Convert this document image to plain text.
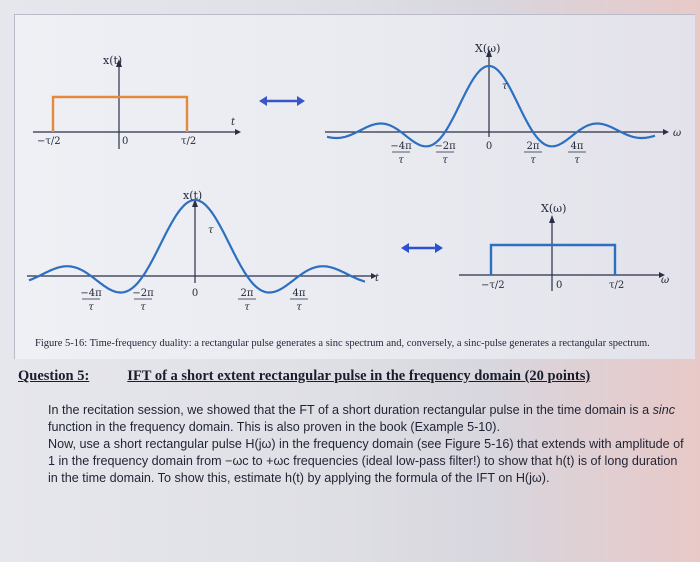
x(t)
−τ/2	0	τ/2
t
X(ω)
τ
ω
−4π
τ
−2π
τ
0	2π
τ
4π
τ
x(t)
τ
t
−4π
τ
−2π
τ
0	2π
τ
4π
τ
X(ω)
−τ/2	0	τ/2	ω
Figure 5-16: Time-frequency duality: a rectangular pulse generates a sinc spectrum and, conversely, a sinc-pulse generates a rectangular spectrum.
Question 5:	IFT of a short extent rectangular pulse in the frequency domain (20 points)

In the recitation session, we showed that the FT of a short duration rectangular pulse in the time domain is a sinc function in the frequency domain. This is also proven in the book (Example 5-10).

Now, use a short rectangular pulse H(jω) in the frequency domain (see Figure 5-16) that extends with amplitude of 1 in the frequency domain from −ωc to +ωc frequencies (ideal low-pass filter!) to show that h(t) is of long duration in the time domain. To show this, estimate h(t) by applying the formula of the IFT on H(jω).
